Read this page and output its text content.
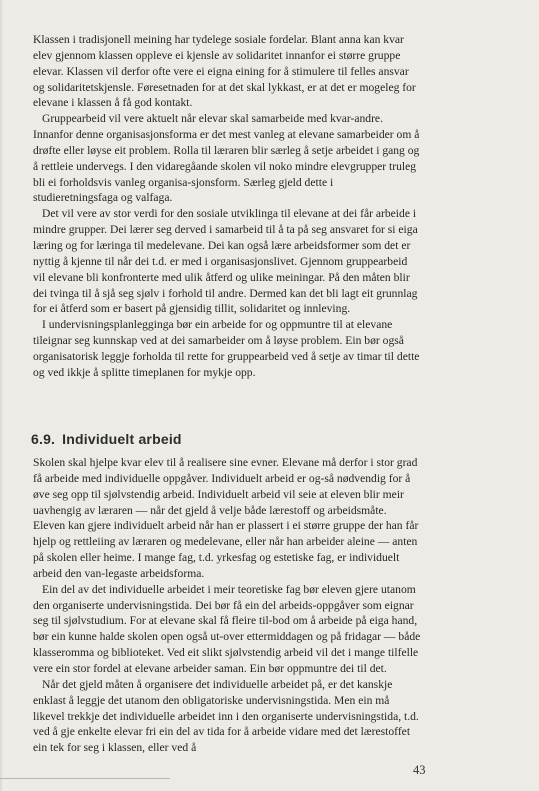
Klassen i tradisjonell meining har tydelege sosiale fordelar. Blant anna kan kvar elev gjennom klassen oppleve ei kjensle av solidaritet innanfor ei større gruppe elevar. Klassen vil derfor ofte vere ei eigna eining for å stimulere til felles ansvar og solidaritetskjensle. Føresetnaden for at det skal lykkast, er at det er mogeleg for elevane i klassen å få god kontakt.

Gruppearbeid vil vere aktuelt når elevar skal samarbeide med kvar-andre. Innanfor denne organisasjonsforma er det mest vanleg at elevane samarbeider om å drøfte eller løyse eit problem. Rolla til læraren blir særleg å setje arbeidet i gang og å rettleie undervegs. I den vidaregåande skolen vil noko mindre elevgrupper truleg bli ei forholdsvis vanleg organisa-sjonsform. Særleg gjeld dette i studieretningsfaga og valfaga.

Det vil vere av stor verdi for den sosiale utviklinga til elevane at dei får arbeide i mindre grupper. Dei lærer seg derved i samarbeid til å ta på seg ansvaret for si eiga læring og for læringa til medelevane. Dei kan også lære arbeidsformer som det er nyttig å kjenne til når dei t.d. er med i organisasjonslivet. Gjennom gruppearbeid vil elevane bli konfronterte med ulik åtferd og ulike meiningar. På den måten blir dei tvinga til å sjå seg sjølv i forhold til andre. Dermed kan det bli lagt eit grunnlag for ei åtferd som er basert på gjensidig tillit, solidaritet og innleving.

I undervisningsplanlegginga bør ein arbeide for og oppmuntre til at elevane tileignar seg kunnskap ved at dei samarbeider om å løyse problem. Ein bør også organisatorisk leggje forholda til rette for gruppearbeid ved å setje av timar til dette og ved ikkje å splitte timeplanen for mykje opp.

6.9. Individuelt arbeid

Skolen skal hjelpe kvar elev til å realisere sine evner. Elevane må derfor i stor grad få arbeide med individuelle oppgåver. Individuelt arbeid er og-så nødvendig for å øve seg opp til sjølvstendig arbeid. Individuelt arbeid vil seie at eleven blir meir uavhengig av læraren — når det gjeld å velje både lærestoff og arbeidsmåte. Eleven kan gjere individuelt arbeid når han er plassert i ei større gruppe der han får hjelp og rettleiing av læraren og medelevane, eller når han arbeider aleine — anten på skolen eller heime. I mange fag, t.d. yrkesfag og estetiske fag, er individuelt arbeid den van-legaste arbeidsforma.

Ein del av det individuelle arbeidet i meir teoretiske fag bør eleven gjere utanom den organiserte undervisningstida. Dei bør få ein del arbeids-oppgåver som eignar seg til sjølvstudium. For at elevane skal få fleire til-bod om å arbeide på eiga hand, bør ein kunne halde skolen open også ut-over ettermiddagen og på fridagar — både klasseromma og biblioteket. Ved eit slikt sjølvstendig arbeid vil det i mange tilfelle vere ein stor fordel at elevane arbeider saman. Ein bør oppmuntre dei til det.

Når det gjeld måten å organisere det individuelle arbeidet på, er det kanskje enklast å leggje det utanom den obligatoriske undervisningstida. Men ein må likevel trekkje det individuelle arbeidet inn i den organiserte undervisningstida, t.d. ved å gje enkelte elevar fri ein del av tida for å arbeide vidare med det lærestoffet ein tek for seg i klassen, eller ved å

43
